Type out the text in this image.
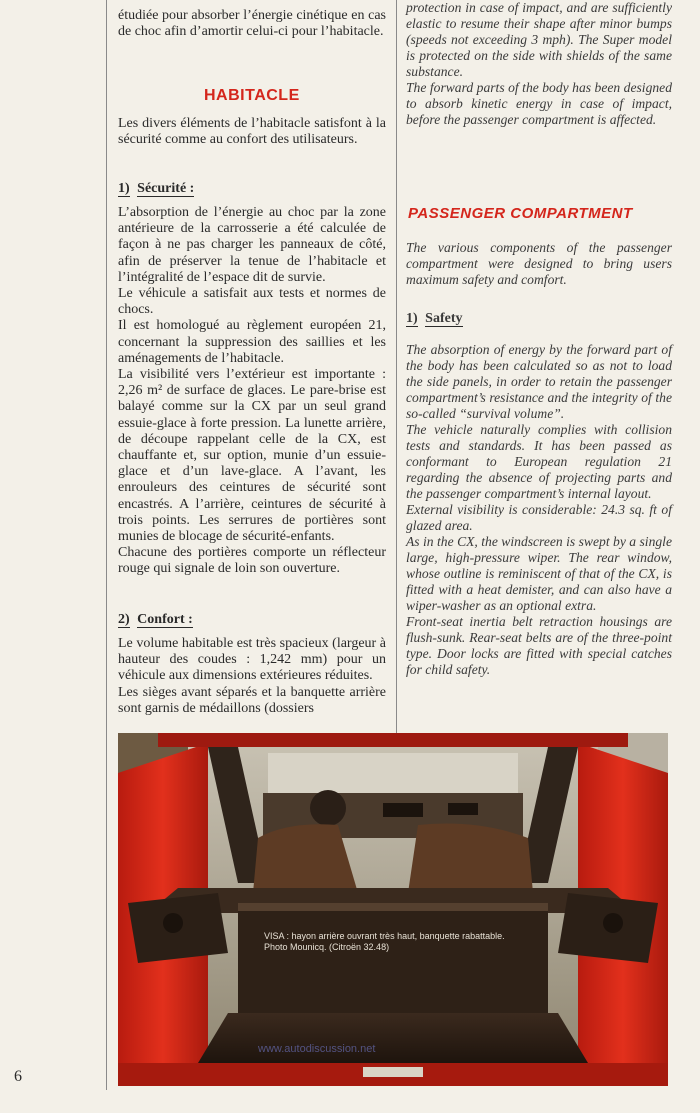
étudiée pour absorber l’énergie cinétique en cas de choc afin d’amortir celui-ci pour l’habitacle.

HABITACLE

Les divers éléments de l’habitacle satisfont à la sécurité comme au confort des utilisateurs.

1) Sécurité :

L’absorption de l’énergie au choc par la zone antérieure de la carrosserie a été calculée de façon à ne pas charger les panneaux de côté, afin de préserver la tenue de l’habitacle et l’intégralité de l’espace dit de survie.

Le véhicule a satisfait aux tests et normes de chocs.

Il est homologué au règlement européen 21, concernant la suppression des saillies et les aménagements de l’habitacle.

La visibilité vers l’extérieur est importante : 2,26 m² de surface de glaces. Le pare-brise est balayé comme sur la CX par un seul grand essuie-glace à forte pression. La lunette arrière, de découpe rappelant celle de la CX, est chauffante et, sur option, munie d’un essuie-glace et d’un lave-glace. A l’avant, les enrouleurs des ceintures de sécurité sont encastrés. A l’arrière, ceintures de sécurité à trois points. Les serrures de portières sont munies de blocage de sécurité-enfants.

Chacune des portières comporte un réflecteur rouge qui signale de loin son ouverture.

2) Confort :

Le volume habitable est très spacieux (largeur à hauteur des coudes : 1,242 mm) pour un véhicule aux dimensions extérieures réduites.

Les sièges avant séparés et la banquette arrière sont garnis de médaillons (dossiers

protection in case of impact, and are sufficiently elastic to resume their shape after minor bumps (speeds not exceeding 3 mph). The Super model is protected on the side with shields of the same substance.

The forward parts of the body has been designed to absorb kinetic energy in case of impact, before the passenger compartment is affected.

PASSENGER COMPARTMENT

The various components of the passenger compartment were designed to bring users maximum safety and comfort.

1) Safety

The absorption of energy by the forward part of the body has been calculated so as not to load the side panels, in order to retain the passenger compartment’s resistance and the integrity of the so-called “survival volume”.

The vehicle naturally complies with collision tests and standards. It has been passed as conformant to European regulation 21 regarding the absence of projecting parts and the passenger compartment’s internal layout.

External visibility is considerable: 24.3 sq. ft of glazed area.

As in the CX, the windscreen is swept by a single large, high-pressure wiper. The rear window, whose outline is reminiscent of that of the CX, is fitted with a heat demister, and can also have a wiper-washer as an optional extra.

Front-seat inertia belt retraction housings are flush-sunk. Rear-seat belts are of the three-point type. Door locks are fitted with special catches for child safety.

VISA : hayon arrière ouvrant très haut, banquette rabattable.
Photo Mounicq. (Citroën 32.48)
www.autodiscussion.net
6
